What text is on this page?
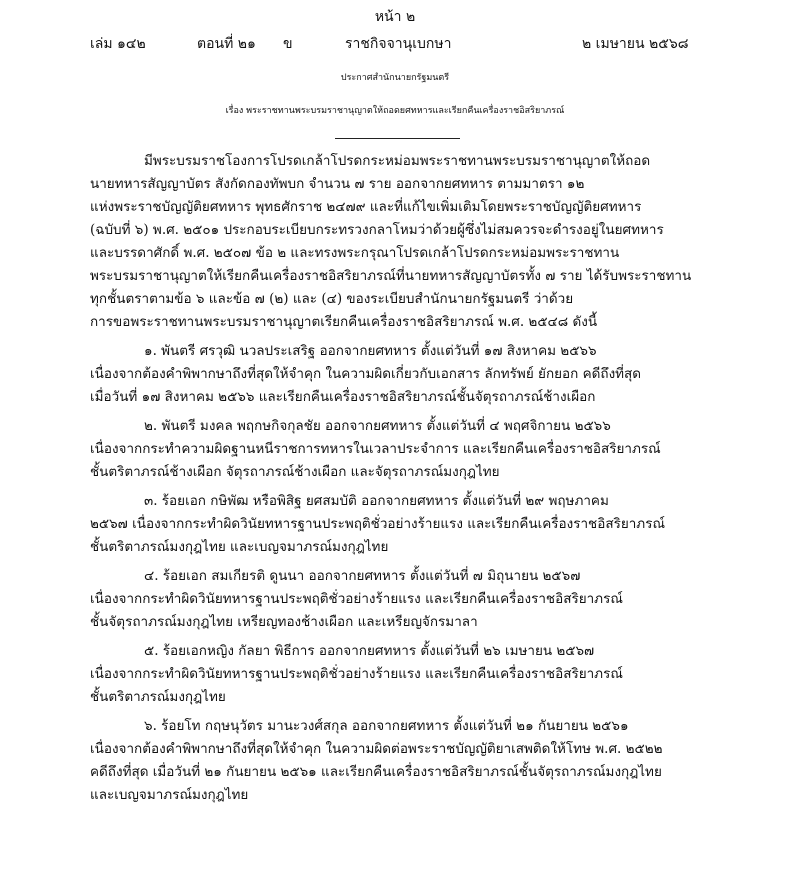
หน้า ๒
เล่ม ๑๔๒	ตอนที่ ๒๑ ข	ราชกิจจานุเบกษา	๒ เมษายน ๒๕๖๘
ประกาศสำนักนายกรัฐมนตรี
เรื่อง พระราชทานพระบรมราชานุญาตให้ถอดยศทหารและเรียกคืนเครื่องราชอิสริยาภรณ์
มีพระบรมราชโองการโปรดเกล้าโปรดกระหม่อมพระราชทานพระบรมราชานุญาตให้ถอด
นายทหารสัญญาบัตร สังกัดกองทัพบก จำนวน ๗ ราย ออกจากยศทหาร ตามมาตรา ๑๒
แห่งพระราชบัญญัติยศทหาร พุทธศักราช ๒๔๗๙ และที่แก้ไขเพิ่มเติมโดยพระราชบัญญัติยศทหาร
(ฉบับที่ ๖) พ.ศ. ๒๕๐๑ ประกอบระเบียบกระทรวงกลาโหมว่าด้วยผู้ซึ่งไม่สมควรจะดำรงอยู่ในยศทหาร
และบรรดาศักดิ์ พ.ศ. ๒๕๐๗ ข้อ ๒ และทรงพระกรุณาโปรดเกล้าโปรดกระหม่อมพระราชทาน
พระบรมราชานุญาตให้เรียกคืนเครื่องราชอิสริยาภรณ์ที่นายทหารสัญญาบัตรทั้ง ๗ ราย ได้รับพระราชทาน
ทุกชั้นตราตามข้อ ๖ และข้อ ๗ (๒) และ (๔) ของระเบียบสำนักนายกรัฐมนตรี ว่าด้วย
การขอพระราชทานพระบรมราชานุญาตเรียกคืนเครื่องราชอิสริยาภรณ์ พ.ศ. ๒๕๔๘ ดังนี้
๑. พันตรี ศรวุฒิ นวลประเสริฐ ออกจากยศทหาร ตั้งแต่วันที่ ๑๗ สิงหาคม ๒๕๖๖
เนื่องจากต้องคำพิพากษาถึงที่สุดให้จำคุก ในความผิดเกี่ยวกับเอกสาร ลักทรัพย์ ยักยอก คดีถึงที่สุด
เมื่อวันที่ ๑๗ สิงหาคม ๒๕๖๖ และเรียกคืนเครื่องราชอิสริยาภรณ์ชั้นจัตุรถาภรณ์ช้างเผือก
๒. พันตรี มงคล พฤกษกิจกุลชัย ออกจากยศทหาร ตั้งแต่วันที่ ๔ พฤศจิกายน ๒๕๖๖
เนื่องจากกระทำความผิดฐานหนีราชการทหารในเวลาประจำการ และเรียกคืนเครื่องราชอิสริยาภรณ์
ชั้นตริตาภรณ์ช้างเผือก จัตุรถาภรณ์ช้างเผือก และจัตุรถาภรณ์มงกุฎไทย
๓. ร้อยเอก กษิพัฒ หรือพิสิฐ ยศสมบัติ ออกจากยศทหาร ตั้งแต่วันที่ ๒๙ พฤษภาคม
๒๕๖๗ เนื่องจากกระทำผิดวินัยทหารฐานประพฤติชั่วอย่างร้ายแรง และเรียกคืนเครื่องราชอิสริยาภรณ์
ชั้นตริตาภรณ์มงกุฎไทย และเบญจมาภรณ์มงกุฎไทย
๔. ร้อยเอก สมเกียรติ ดูนนา ออกจากยศทหาร ตั้งแต่วันที่ ๗ มิถุนายน ๒๕๖๗
เนื่องจากกระทำผิดวินัยทหารฐานประพฤติชั่วอย่างร้ายแรง และเรียกคืนเครื่องราชอิสริยาภรณ์
ชั้นจัตุรถาภรณ์มงกุฎไทย เหรียญทองช้างเผือก และเหรียญจักรมาลา
๕. ร้อยเอกหญิง กัลยา พิธีการ ออกจากยศทหาร ตั้งแต่วันที่ ๒๖ เมษายน ๒๕๖๗
เนื่องจากกระทำผิดวินัยทหารฐานประพฤติชั่วอย่างร้ายแรง และเรียกคืนเครื่องราชอิสริยาภรณ์
ชั้นตริตาภรณ์มงกุฎไทย
๖. ร้อยโท กฤษนุวัตร มานะวงศ์สกุล ออกจากยศทหาร ตั้งแต่วันที่ ๒๑ กันยายน ๒๕๖๑
เนื่องจากต้องคำพิพากษาถึงที่สุดให้จำคุก ในความผิดต่อพระราชบัญญัติยาเสพติดให้โทษ พ.ศ. ๒๕๒๒
คดีถึงที่สุด เมื่อวันที่ ๒๑ กันยายน ๒๕๖๑ และเรียกคืนเครื่องราชอิสริยาภรณ์ชั้นจัตุรถาภรณ์มงกุฎไทย
และเบญจมาภรณ์มงกุฎไทย
